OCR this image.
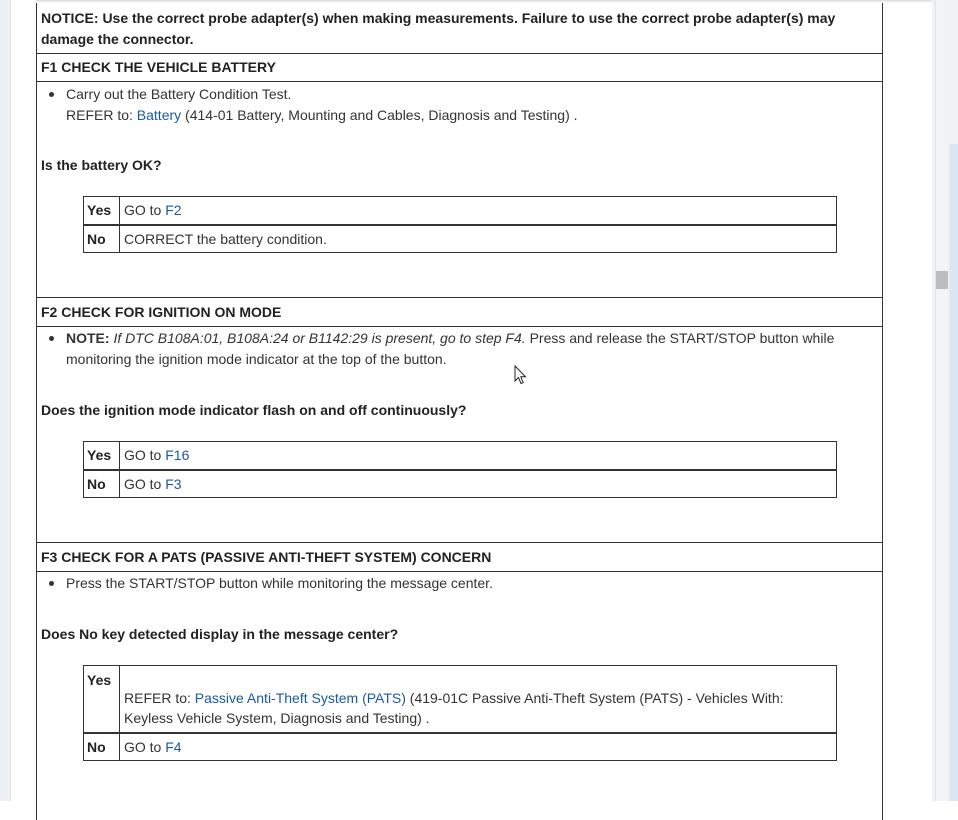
NOTICE: Use the correct probe adapter(s) when making measurements. Failure to use the correct probe adapter(s) may damage the connector.
F1 CHECK THE VEHICLE BATTERY
Carry out the Battery Condition Test.
REFER to: Battery (414-01 Battery, Mounting and Cables, Diagnosis and Testing) .
Is the battery OK?
Yes	GO to F2
No	CORRECT the battery condition.
F2 CHECK FOR IGNITION ON MODE
NOTE: If DTC B108A:01, B108A:24 or B1142:29 is present, go to step F4. Press and release the START/STOP button while monitoring the ignition mode indicator at the top of the button.
Does the ignition mode indicator flash on and off continuously?
Yes	GO to F16
No	GO to F3
F3 CHECK FOR A PATS (PASSIVE ANTI-THEFT SYSTEM) CONCERN
Press the START/STOP button while monitoring the message center.
Does No key detected display in the message center?
Yes	REFER to: Passive Anti-Theft System (PATS) (419-01C Passive Anti-Theft System (PATS) - Vehicles With: Keyless Vehicle System, Diagnosis and Testing) .
No	GO to F4
